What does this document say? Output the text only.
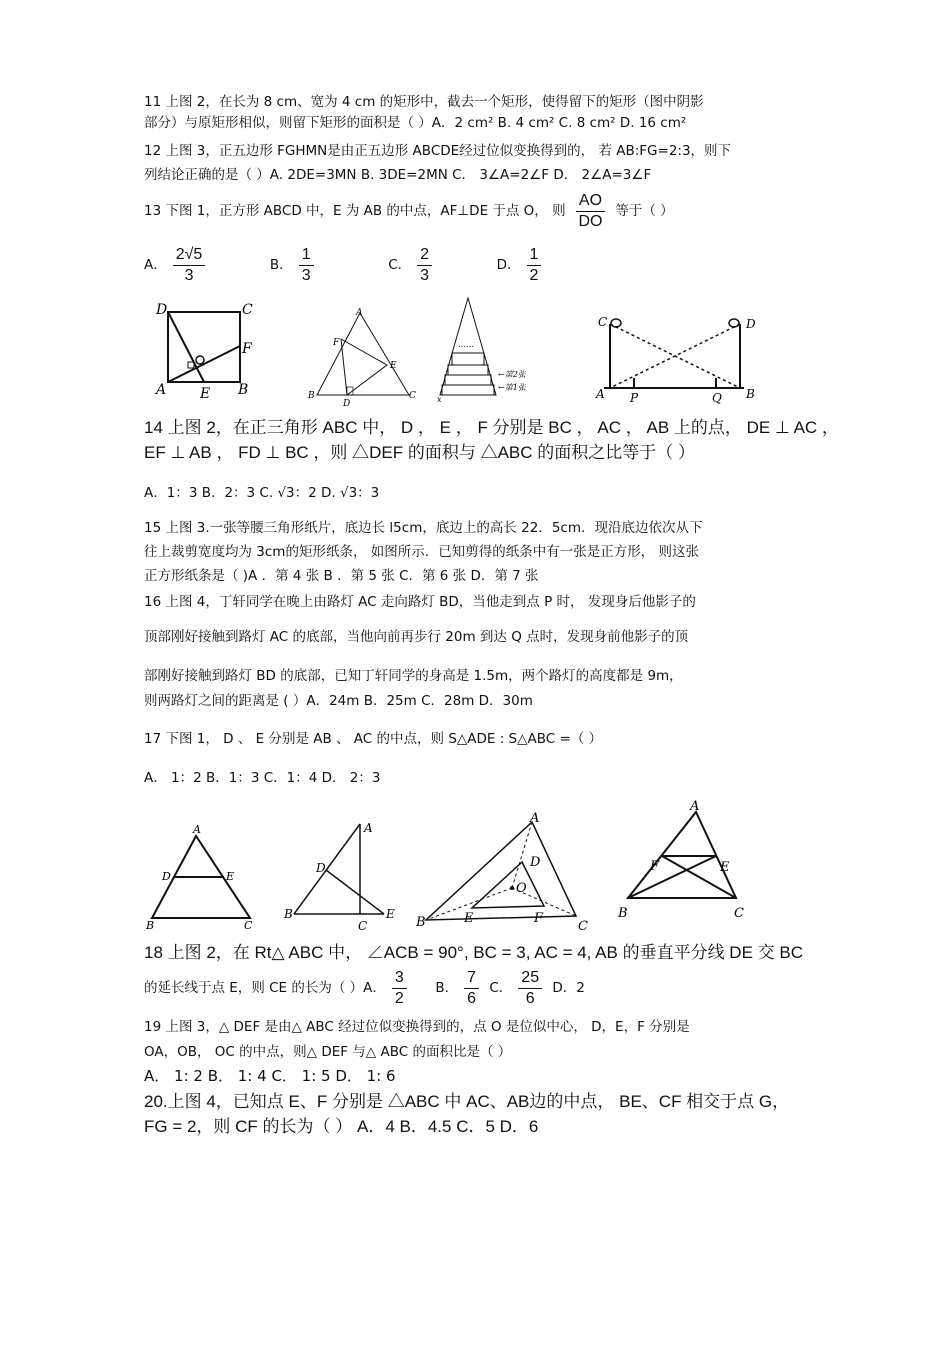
11 上图 2，在长为 8 cm、宽为 4 cm 的矩形中，截去一个矩形，使得留下的矩形（图中阴影
部分）与原矩形相似，则留下矩形的面积是（ ）A．2 cm² B. 4 cm² C. 8 cm² D. 16 cm²
12 上图 3，正五边形 FGHMN是由正五边形 ABCDE经过位似变换得到的， 若 AB:FG=2:3，则下
列结论正确的是（ ）A. 2DE=3MN B. 3DE=2MN C． 3∠A=2∠F D． 2∠A=3∠F
13 下图 1，正方形 ABCD 中，E 为 AB 的中点，AF⊥DE 于点 O， 则 $\frac{AO}{DO}$ 等于（ ）
A． $\frac{2√5}{3}$	B． $\frac{1}{3}$	C． $\frac{2}{3}$	D． $\frac{1}{2}$
D	C
F
A E B
A
F
E
B
D
C
……
←第2张
←第1张
x
C	D
A P	Q B
14 上图 2，在正三角形 ABC 中， D ， E ， F 分别是 BC ， AC ， AB 上的点， DE ⊥ AC ，
EF ⊥ AB ， FD ⊥ BC ，则 △DEF 的面积与 △ABC 的面积之比等于（ ）
A．1：3 B．2：3 C. √3：2 D. √3：3
15 上图 3.一张等腰三角形纸片，底边长 l5cm，底边上的高长 22．5cm．现沿底边依次从下
往上裁剪宽度均为 3cm的矩形纸条， 如图所示．已知剪得的纸条中有一张是正方形， 则这张
正方形纸条是（ )A ．第 4 张 B ．第 5 张 C．第 6 张 D．第 7 张
16 上图 4，丁轩同学在晚上由路灯 AC 走向路灯 BD，当他走到点 P 时， 发现身后他影子的
顶部刚好接触到路灯 AC 的底部，当他向前再步行 20m 到达 Q 点时，发现身前他影子的顶
部刚好接触到路灯 BD 的底部，已知丁轩同学的身高是 1.5m，两个路灯的高度都是 9m，
则两路灯之间的距离是 ( ）A．24m B．25m C．28m D．30m
17 下图 1， D 、 E 分别是 AB 、 AC 的中点，则 S△ADE : S△ABC =（ ）
A． 1：2 B．1：3 C．1：4 D． 2：3
A
D	E
B	C
A
D
B
C
E
A
D
O
B	E	F
C
A
F	E
B	C
18 上图 2，在 Rt△ ABC 中， ∠ACB = 90°, BC = 3, AC = 4, AB 的垂直平分线 DE 交 BC
的延长线于点 E，则 CE 的长为（ ）A． $\frac{3}{2}$ B． $\frac{7}{6}$ C． $\frac{25}{6}$ D．2
19 上图 3，△ DEF 是由△ ABC 经过位似变换得到的，点 O 是位似中心， D，E，F 分别是
OA，OB， OC 的中点，则△ DEF 与△ ABC 的面积比是（ ）
A． 1: 2 B． 1: 4 C． 1: 5 D． 1: 6
20.上图 4，已知点 E、F 分别是 △ABC 中 AC、AB边的中点， BE、CF 相交于点 G，
FG = 2，则 CF 的长为（ ） A．4 B．4.5 C．5 D．6
